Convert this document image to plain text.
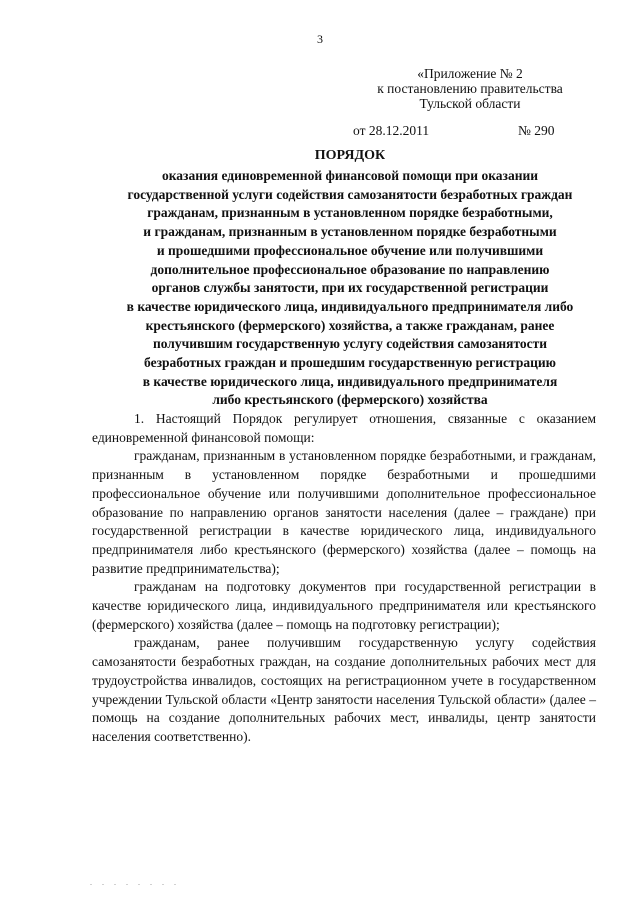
3
«Приложение № 2
к постановлению правительства
Тульской области
от 28.12.2011	№ 290
ПОРЯДОК
оказания единовременной финансовой помощи при оказании
государственной услуги содействия самозанятости безработных граждан
гражданам, признанным в установленном порядке безработными,
и гражданам, признанным в установленном порядке безработными
и прошедшими профессиональное обучение или получившими
дополнительное профессиональное образование по направлению
органов службы занятости, при их государственной регистрации
в качестве юридического лица, индивидуального предпринимателя либо
крестьянского (фермерского) хозяйства, а также гражданам, ранее
получившим государственную услугу содействия самозанятости
безработных граждан и прошедшим государственную регистрацию
в качестве юридического лица, индивидуального предпринимателя
либо крестьянского (фермерского) хозяйства

1. Настоящий Порядок регулирует отношения, связанные с оказанием единовременной финансовой помощи:

гражданам, признанным в установленном порядке безработными, и гражданам, признанным в установленном порядке безработными и прошедшими профессиональное обучение или получившими дополнительное профессиональное образование по направлению органов занятости населения (далее – граждане) при государственной регистрации в качестве юридического лица, индивидуального предпринимателя либо крестьянского (фермерского) хозяйства (далее – помощь на развитие предпринимательства);

гражданам на подготовку документов при государственной регистрации в качестве юридического лица, индивидуального предпринимателя или крестьянского (фермерского) хозяйства (далее – помощь на подготовку регистрации);

гражданам, ранее получившим государственную услугу содействия самозанятости безработных граждан, на создание дополнительных рабочих мест для трудоустройства инвалидов, состоящих на регистрационном учете в государственном учреждении Тульской области «Центр занятости населения Тульской области» (далее – помощь на создание дополнительных рабочих мест, инвалиды, центр занятости населения соответственно).

. . . . . . . .
